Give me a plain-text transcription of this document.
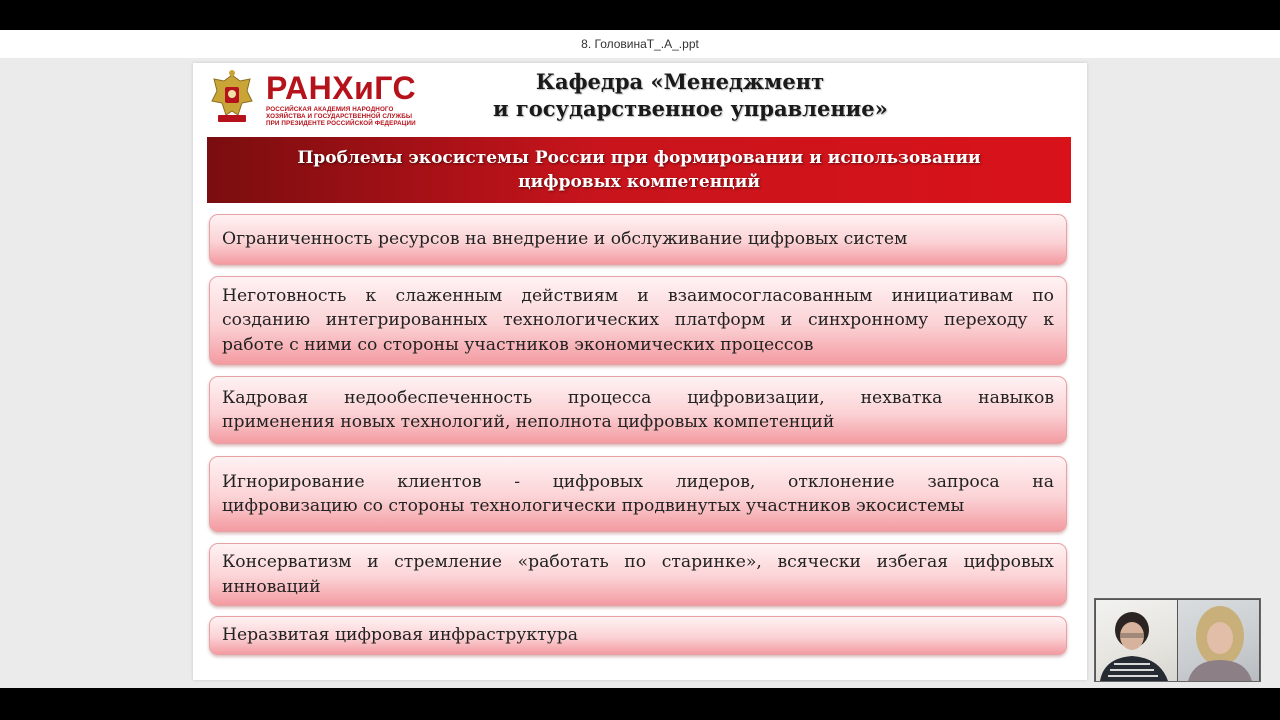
8. ГоловинаТ_.А_.ppt
РАНХиГС
РОССИЙСКАЯ АКАДЕМИЯ НАРОДНОГО ХОЗЯЙСТВА И ГОСУДАРСТВЕННОЙ СЛУЖБЫ ПРИ ПРЕЗИДЕНТЕ РОССИЙСКОЙ ФЕДЕРАЦИИ
Кафедра «Менеджмент
и государственное управление»
Проблемы экосистемы России при формировании и использовании
цифровых компетенций
Ограниченность ресурсов на внедрение и обслуживание цифровых систем
Неготовность к слаженным действиям и взаимосогласованным инициативам по
созданию интегрированных технологических платформ и синхронному переходу к
работе с ними со стороны участников экономических процессов
Кадровая недообеспеченность процесса цифровизации, нехватка навыков
применения новых технологий, неполнота цифровых компетенций
Игнорирование клиентов - цифровых лидеров, отклонение запроса на
цифровизацию со стороны технологически продвинутых участников экосистемы
Консерватизм и стремление «работать по старинке», всячески избегая цифровых
инноваций
Неразвитая цифровая инфраструктура
